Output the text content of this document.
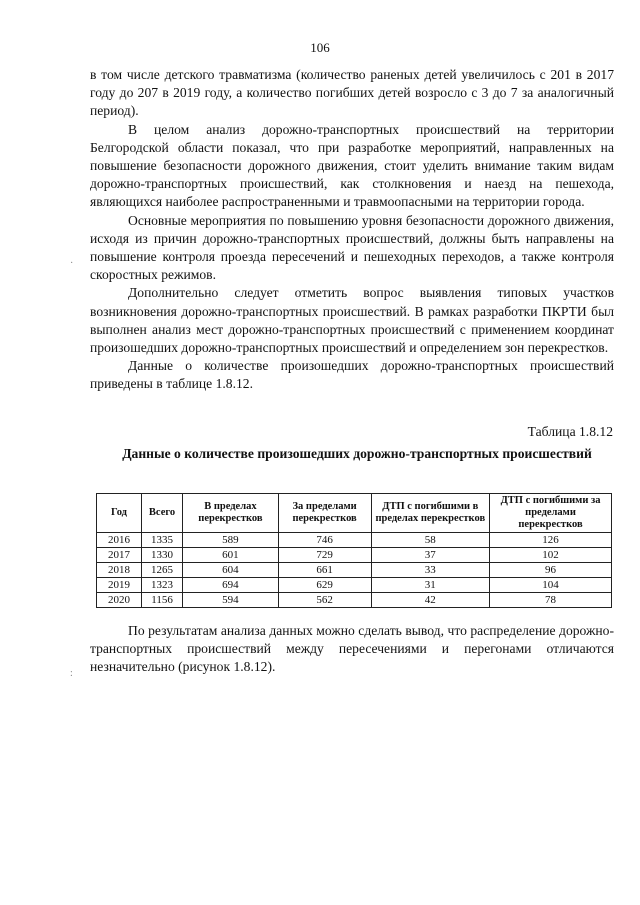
106

в том числе детского травматизма (количество раненых детей увеличилось с 201 в 2017 году до 207 в 2019 году, а количество погибших детей возросло с 3 до 7 за аналогичный период).

В целом анализ дорожно-транспортных происшествий на территории Белгородской области показал, что при разработке мероприятий, направленных на повышение безопасности дорожного движения, стоит уделить внимание таким видам дорожно-транспортных происшествий, как столкновения и наезд на пешехода, являющихся наиболее распространенными и травмоопасными на территории города.

Основные мероприятия по повышению уровня безопасности дорожного движения, исходя из причин дорожно-транспортных происшествий, должны быть направлены на повышение контроля проезда пересечений и пешеходных переходов, а также контроля скоростных режимов.

Дополнительно следует отметить вопрос выявления типовых участков возникновения дорожно-транспортных происшествий. В рамках разработки ПКРТИ был выполнен анализ мест дорожно-транспортных происшествий с применением координат произошедших дорожно-транспортных происшествий и определением зон перекрестков.

Данные о количестве произошедших дорожно-транспортных происшествий приведены в таблице 1.8.12.

Таблица 1.8.12
Данные о количестве произошедших дорожно-транспортных происшествий
Год	Всего	В пределах перекрестков	За пределами перекрестков	ДТП с погибшими в пределах перекрестков	ДТП с погибшими за пределами перекрестков
2016	1335	589	746	58	126
2017	1330	601	729	37	102
2018	1265	604	661	33	96
2019	1323	694	629	31	104
2020	1156	594	562	42	78

По результатам анализа данных можно сделать вывод, что распределение дорожно-транспортных происшествий между пересечениями и перегонами отличаются незначительно (рисунок 1.8.12).

·
:
